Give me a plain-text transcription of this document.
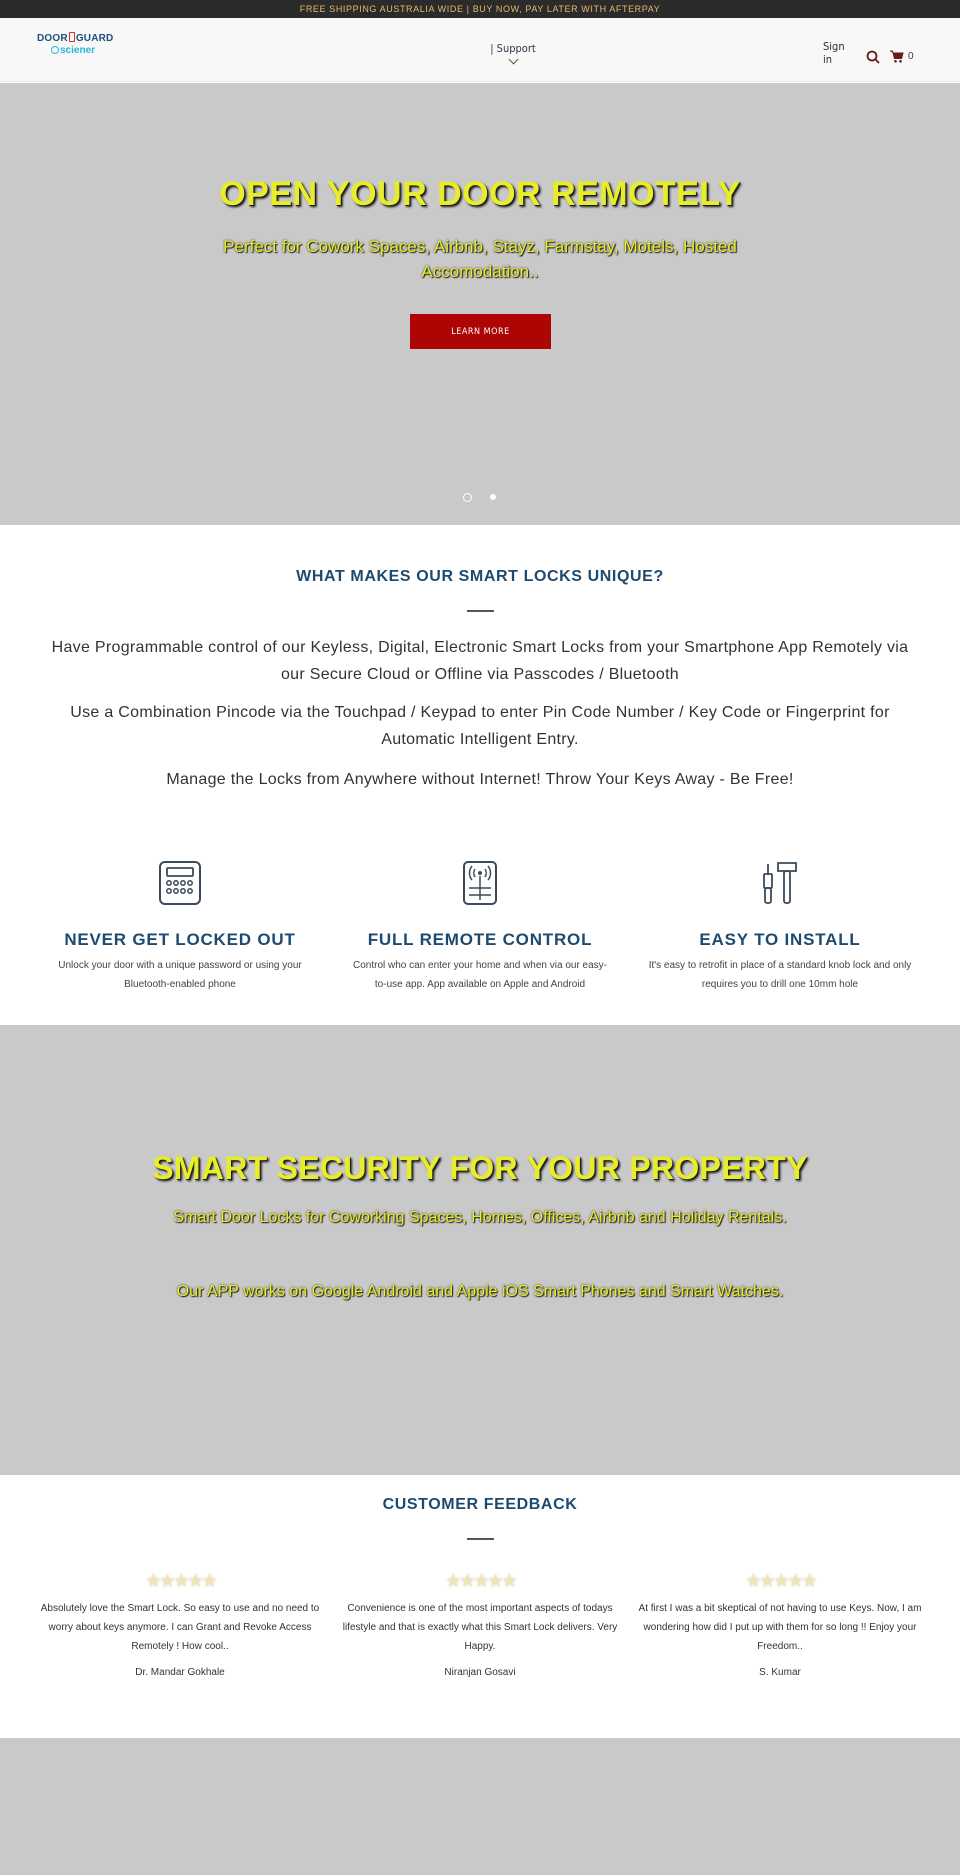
FREE SHIPPING AUSTRALIA WIDE | BUY NOW, PAY LATER WITH AFTERPAY
DOOR GUARD
sciener	| Support	Sign in	0
OPEN YOUR DOOR REMOTELY

Perfect for Cowork Spaces, Airbnb, Stayz, Farmstay, Motels, Hosted Accomodation..

LEARN MORE
WHAT MAKES OUR SMART LOCKS UNIQUE?

Have Programmable control of our Keyless, Digital, Electronic Smart Locks from your Smartphone App Remotely via our Secure Cloud or Offline via Passcodes / Bluetooth

Use a Combination Pincode via the Touchpad / Keypad to enter Pin Code Number / Key Code or Fingerprint for Automatic Intelligent Entry.

Manage the Locks from Anywhere without Internet! Throw Your Keys Away - Be Free!

NEVER GET LOCKED OUT

Unlock your door with a unique password or using your Bluetooth-enabled phone

FULL REMOTE CONTROL

Control who can enter your home and when via our easy-to-use app. App available on Apple and Android

EASY TO INSTALL

It's easy to retrofit in place of a standard knob lock and only requires you to drill one 10mm hole

SMART SECURITY FOR YOUR PROPERTY

Smart Door Locks for Coworking Spaces, Homes, Offices, Airbnb and Holiday Rentals.

Our APP works on Google Android and Apple iOS Smart Phones and Smart Watches.

CUSTOMER FEEDBACK
★★★★★

Absolutely love the Smart Lock. So easy to use and no need to worry about keys anymore. I can Grant and Revoke Access Remotely ! How cool..

Dr. Mandar Gokhale

★★★★★

Convenience is one of the most important aspects of todays lifestyle and that is exactly what this Smart Lock delivers. Very Happy.

Niranjan Gosavi

★★★★★

At first I was a bit skeptical of not having to use Keys. Now, I am wondering how did I put up with them for so long !! Enjoy your Freedom..

S. Kumar
